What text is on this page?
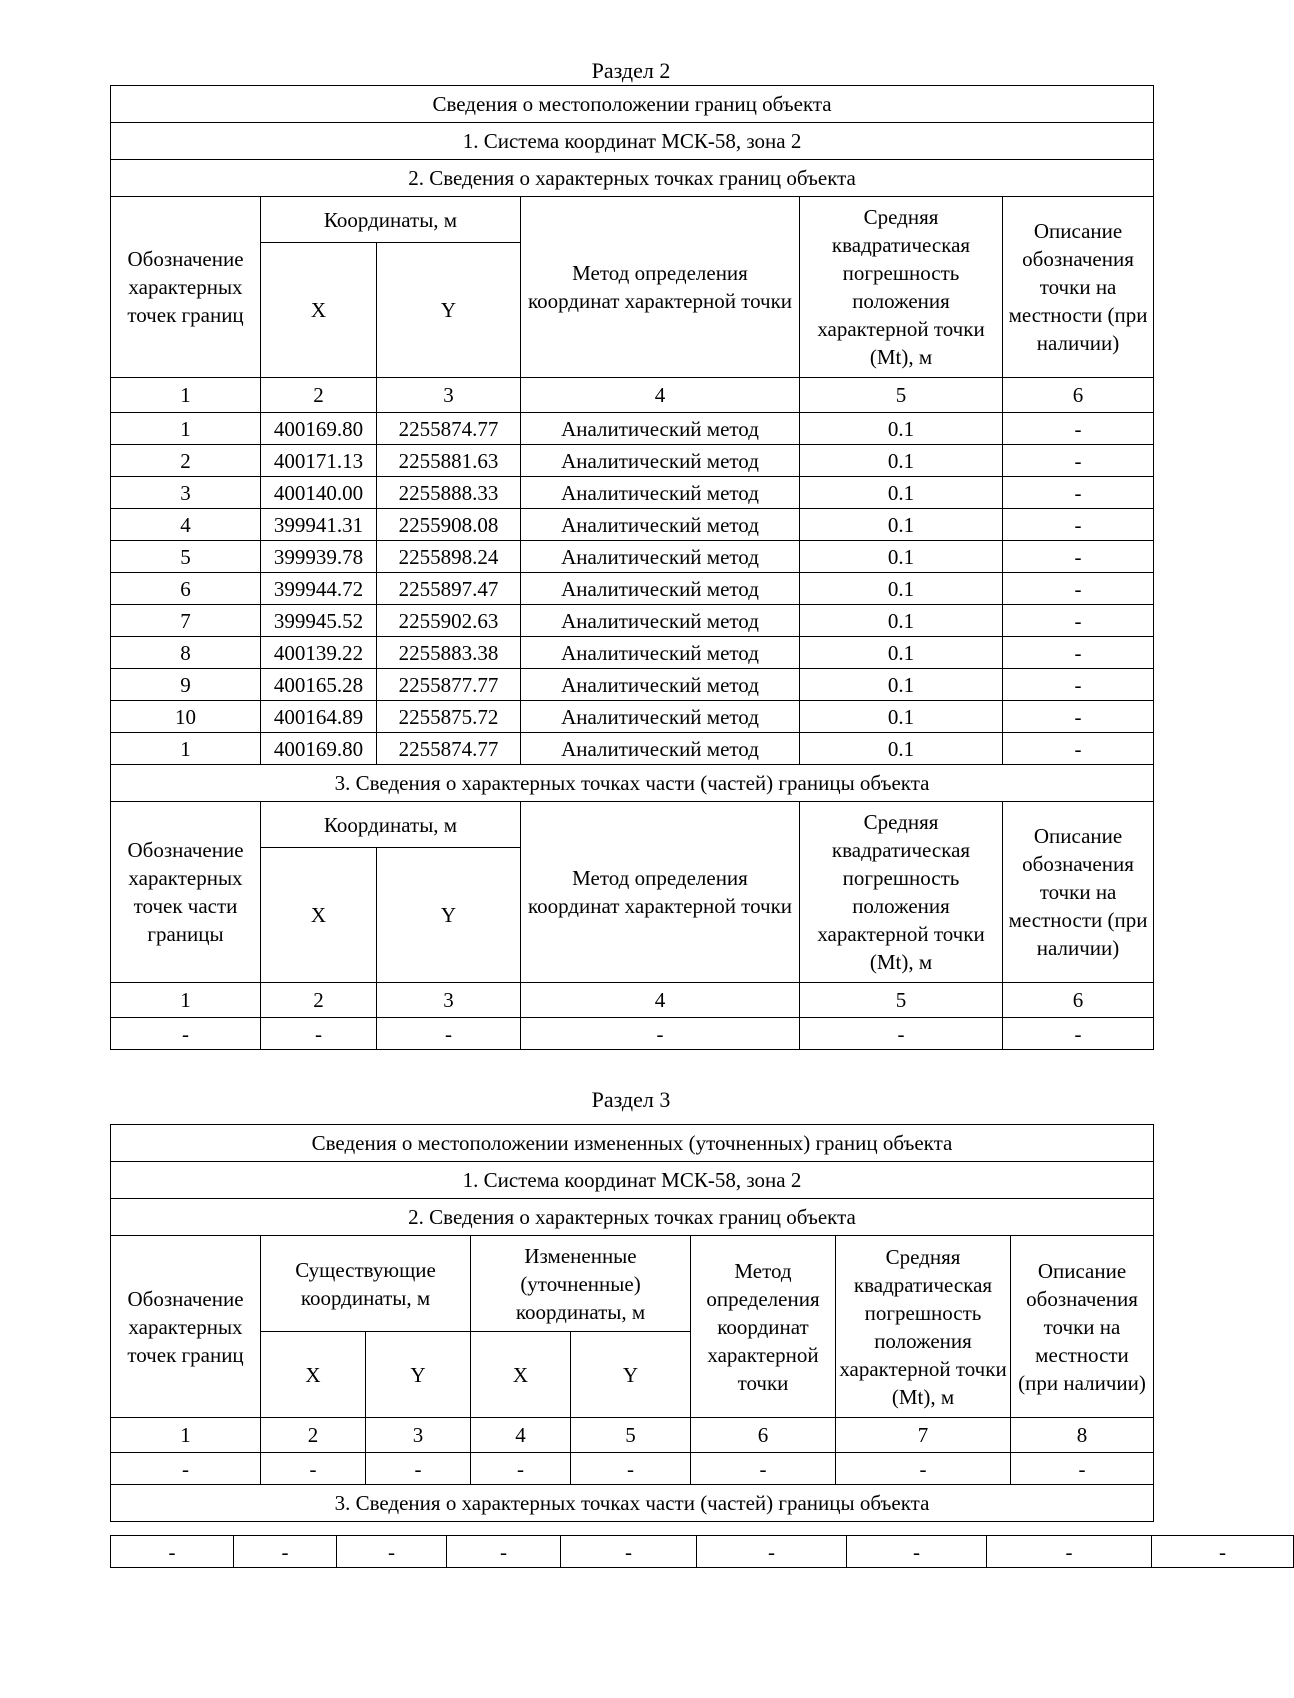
Раздел 2
Сведения о местоположении границ объекта					
1. Система координат МСК-58, зона 2					
2. Сведения о характерных точках границ объекта					
Обозначение характерных точек границ	Координаты, м		Метод определения координат характерной точки	Средняя квадратическая погрешность положения характерной точки (Mt), м	Описание обозначения точки на местности (при наличии)
	X	Y			
1	2	3	4	5	6
1	400169.80	2255874.77	Аналитический метод	0.1	-
2	400171.13	2255881.63	Аналитический метод	0.1	-
3	400140.00	2255888.33	Аналитический метод	0.1	-
4	399941.31	2255908.08	Аналитический метод	0.1	-
5	399939.78	2255898.24	Аналитический метод	0.1	-
6	399944.72	2255897.47	Аналитический метод	0.1	-
7	399945.52	2255902.63	Аналитический метод	0.1	-
8	400139.22	2255883.38	Аналитический метод	0.1	-
9	400165.28	2255877.77	Аналитический метод	0.1	-
10	400164.89	2255875.72	Аналитический метод	0.1	-
1	400169.80	2255874.77	Аналитический метод	0.1	-
3. Сведения о характерных точках части (частей) границы объекта					
Обозначение характерных точек части границы	Координаты, м		Метод определения координат характерной точки	Средняя квадратическая погрешность положения характерной точки (Mt), м	Описание обозначения точки на местности (при наличии)
	X	Y			
1	2	3	4	5	6
-	-	-	-	-	-
Раздел 3
Сведения о местоположении измененных (уточненных) границ объекта							
1. Система координат МСК-58, зона 2							
2. Сведения о характерных точках границ объекта							
Обозначение характерных точек границ	Существующие координаты, м		Измененные (уточненные) координаты, м		Метод определения координат характерной точки	Средняя квадратическая погрешность положения характерной точки (Mt), м	Описание обозначения точки на местности (при наличии)
	X	Y	X	Y			
1	2	3	4	5	6	7	8
-	-	-	-	-	-	-	-
3. Сведения о характерных точках части (частей) границы объекта							
-	-	-	-	-	-	-	-	-
